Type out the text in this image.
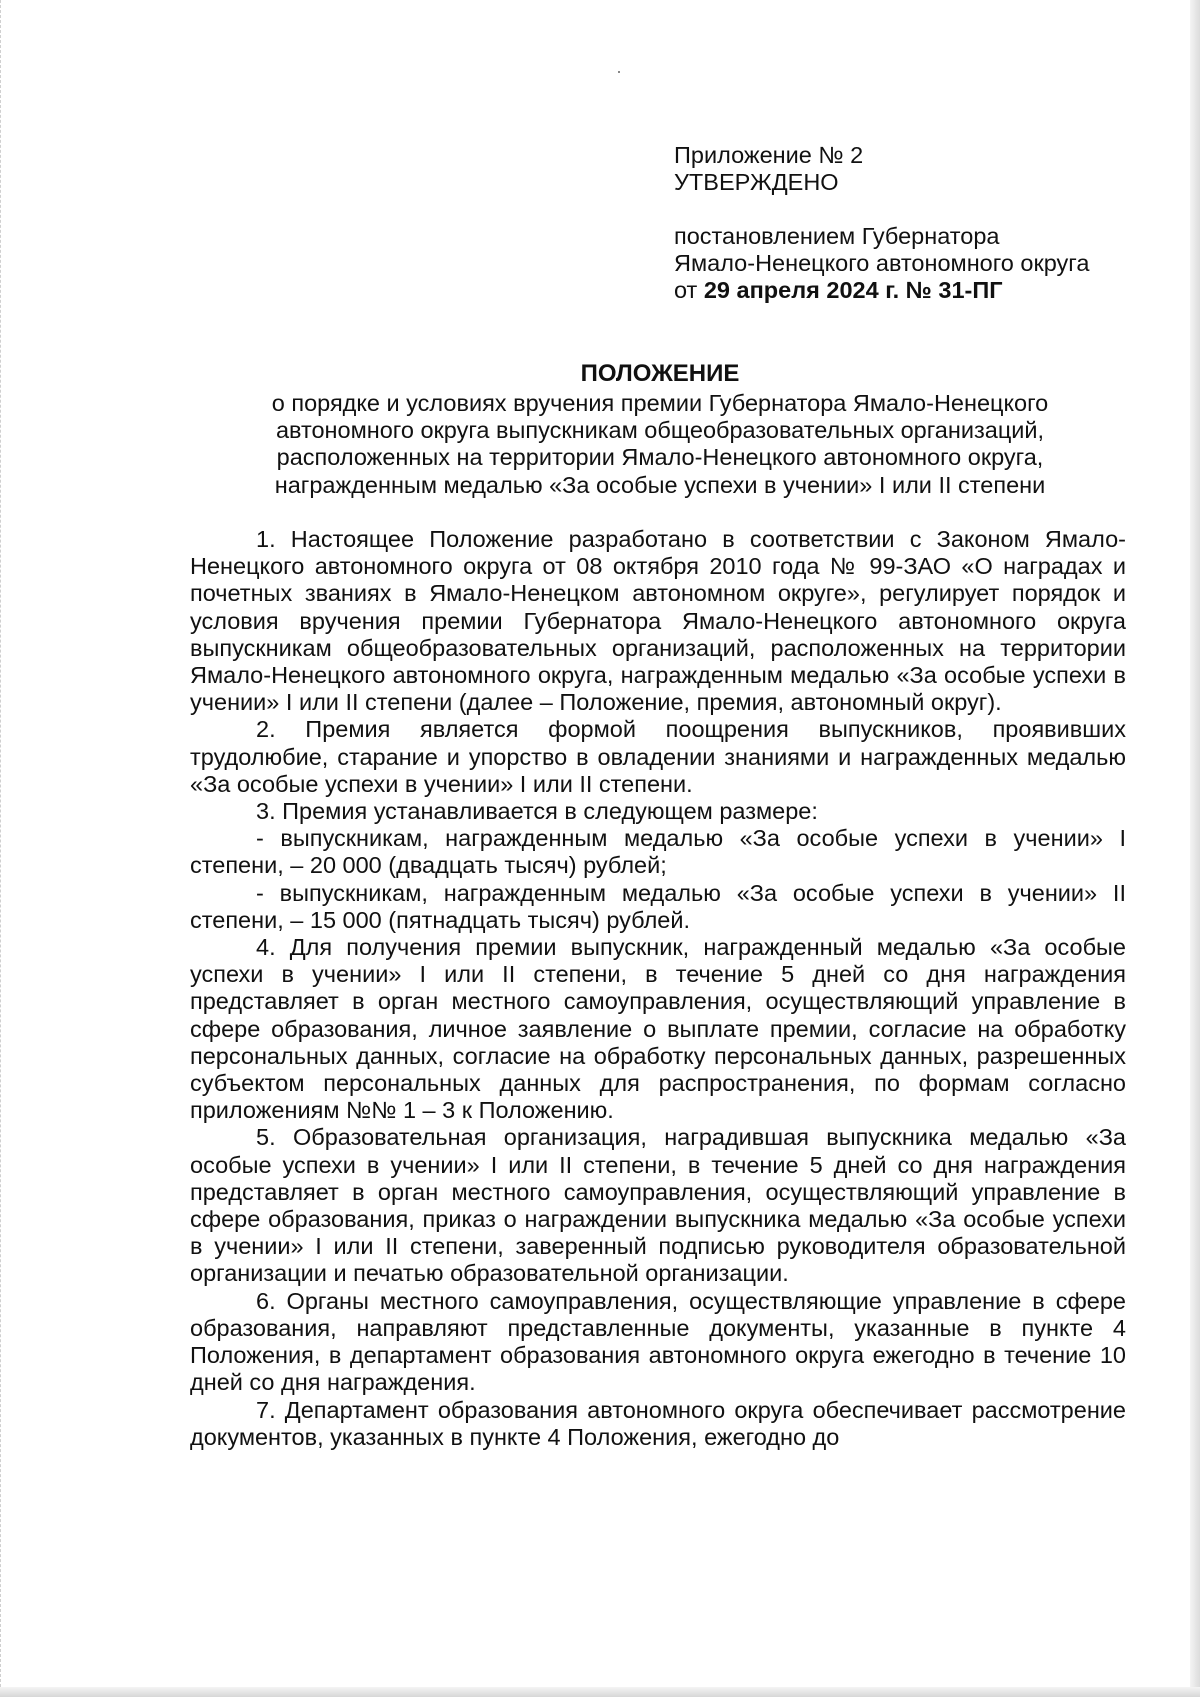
Приложение № 2
УТВЕРЖДЕНО
постановлением Губернатора
Ямало-Ненецкого автономного округа
от 29 апреля 2024 г. № 31-ПГ
ПОЛОЖЕНИЕ
о порядке и условиях вручения премии Губернатора Ямало-Ненецкого автономного округа выпускникам общеобразовательных организаций, расположенных на территории Ямало-Ненецкого автономного округа, награжденным медалью «За особые успехи в учении» I или II степени

1. Настоящее Положение разработано в соответствии с Законом Ямало-Ненецкого автономного округа от 08 октября 2010 года № 99-ЗАО «О наградах и почетных званиях в Ямало-Ненецком автономном округе», регулирует порядок и условия вручения премии Губернатора Ямало-Ненецкого автономного округа выпускникам общеобразовательных организаций, расположенных на территории Ямало-Ненецкого автономного округа, награжденным медалью «За особые успехи в учении» I или II степени (далее – Положение, премия, автономный округ).

2. Премия является формой поощрения выпускников, проявивших трудолюбие, старание и упорство в овладении знаниями и награжденных медалью «За особые успехи в учении» I или II степени.

3. Премия устанавливается в следующем размере:

- выпускникам, награжденным медалью «За особые успехи в учении» I степени, – 20 000 (двадцать тысяч) рублей;

- выпускникам, награжденным медалью «За особые успехи в учении» II степени, – 15 000 (пятнадцать тысяч) рублей.

4. Для получения премии выпускник, награжденный медалью «За особые успехи в учении» I или II степени, в течение 5 дней со дня награждения представляет в орган местного самоуправления, осуществляющий управление в сфере образования, личное заявление о выплате премии, согласие на обработку персональных данных, согласие на обработку персональных данных, разрешенных субъектом персональных данных для распространения, по формам согласно приложениям №№ 1 – 3 к Положению.

5. Образовательная организация, наградившая выпускника медалью «За особые успехи в учении» I или II степени, в течение 5 дней со дня награждения представляет в орган местного самоуправления, осуществляющий управление в сфере образования, приказ о награждении выпускника медалью «За особые успехи в учении» I или II степени, заверенный подписью руководителя образовательной организации и печатью образовательной организации.

6. Органы местного самоуправления, осуществляющие управление в сфере образования, направляют представленные документы, указанные в пункте 4 Положения, в департамент образования автономного округа ежегодно в течение 10 дней со дня награждения.

7. Департамент образования автономного округа обеспечивает рассмотрение документов, указанных в пункте 4 Положения, ежегодно до
